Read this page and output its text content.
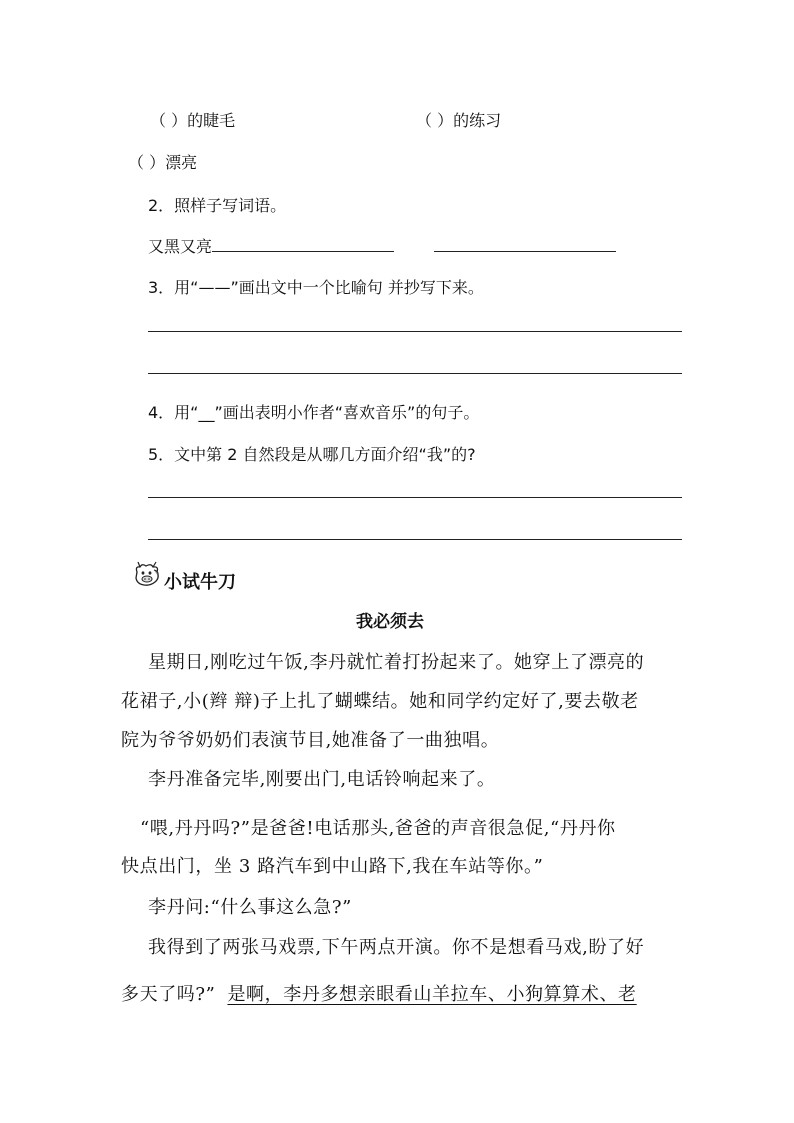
（ ）的睫毛	（ ）的练习
（ ）漂亮
2．照样子写词语。
又黑又亮
3．用“——”画出文中一个比喻句 并抄写下来。
4．用“__”画出表明小作者“喜欢音乐”的句子。
5．文中第 2 自然段是从哪几方面介绍“我”的?
小试牛刀
我必须去
星期日,刚吃过午饭,李丹就忙着打扮起来了。她穿上了漂亮的
花裙子,小(辫 辩)子上扎了蝴蝶结。她和同学约定好了,要去敬老
院为爷爷奶奶们表演节目,她准备了一曲独唱。
李丹准备完毕,刚要出门,电话铃响起来了。
“喂,丹丹吗?”是爸爸!电话那头,爸爸的声音很急促,“丹丹你
快点出门，坐 3 路汽车到中山路下,我在车站等你。”
李丹问:“什么事这么急?”
我得到了两张马戏票,下午两点开演。你不是想看马戏,盼了好
多天了吗?” 是啊，李丹多想亲眼看山羊拉车、小狗算算术、老
